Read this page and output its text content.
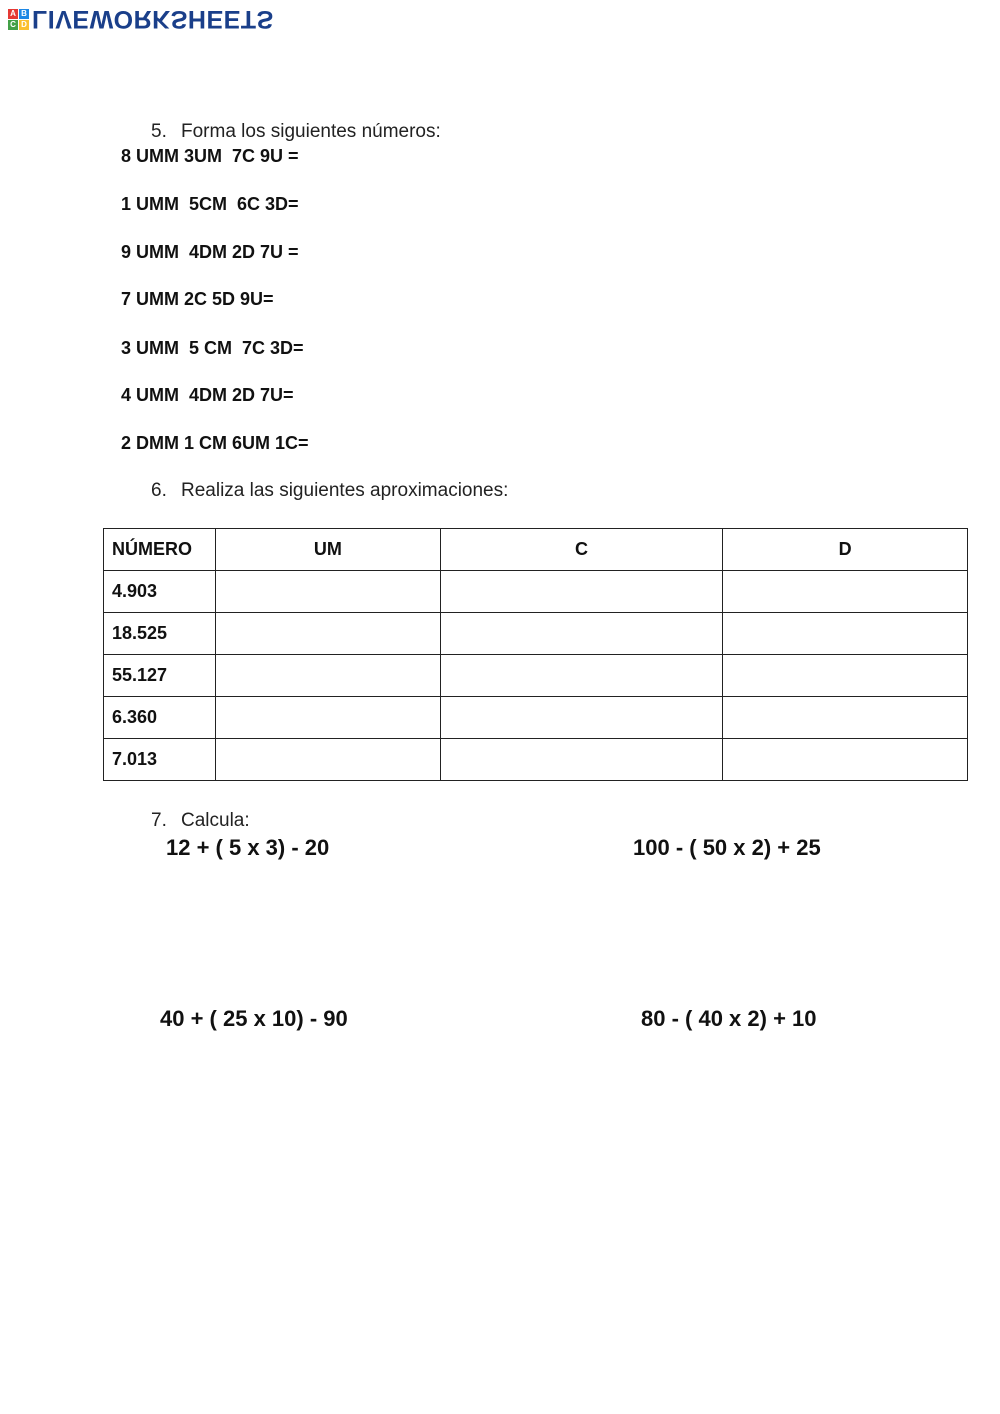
A B
C D LIVEWORKSHEETS
5. Forma los siguientes números:
8 UMM 3UM  7C 9U =
1 UMM  5CM  6C 3D=
9 UMM  4DM 2D 7U =
7 UMM 2C 5D 9U=
3 UMM  5 CM  7C 3D=
4 UMM  4DM 2D 7U=
2 DMM 1 CM 6UM 1C=
6. Realiza las siguientes aproximaciones:
NÚMERO	UM	C	D
4.903			
18.525			
55.127			
6.360			
7.013			
7. Calcula:
12 + ( 5 x 3) - 20	100 - ( 50 x 2) + 25
40 + ( 25 x 10) - 90	80 - ( 40 x 2) + 10
